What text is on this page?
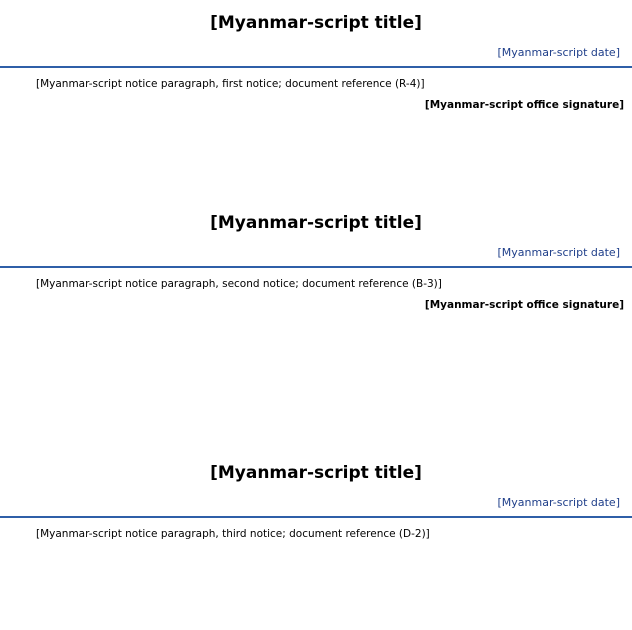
[Myanmar-script title]
[Myanmar-script date]

[Myanmar-script notice paragraph, first notice; document reference (R-4)]

[Myanmar-script office signature]
[Myanmar-script title]
[Myanmar-script date]

[Myanmar-script notice paragraph, second notice; document reference (B-3)]

[Myanmar-script office signature]
[Myanmar-script title]
[Myanmar-script date]

[Myanmar-script notice paragraph, third notice; document reference (D-2)]
